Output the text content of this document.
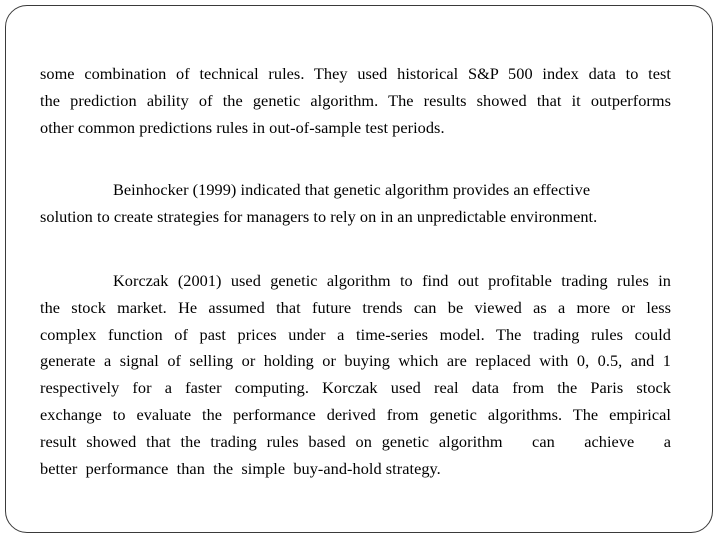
some combination of technical rules. They used historical S&P 500 index data to test
the prediction ability of the genetic algorithm. The results showed that it outperforms
other common predictions rules in out-of-sample test periods.
Beinhocker (1999) indicated that genetic algorithm provides an effective
solution to create strategies for managers to rely on in an unpredictable environment.
Korczak (2001) used genetic algorithm to find out profitable trading rules in
the stock market. He assumed that future trends can be viewed as a more or less
complex function of past prices under a time-series model. The trading rules could
generate a signal of selling or holding or buying which are replaced with 0, 0.5, and 1
respectively for a faster computing. Korczak used real data from the Paris stock
exchange to evaluate the performance derived from genetic algorithms. The empirical
result showed that the trading rules based on genetic algorithm   can   achieve   a
better  performance  than  the  simple  buy-and-hold strategy.
